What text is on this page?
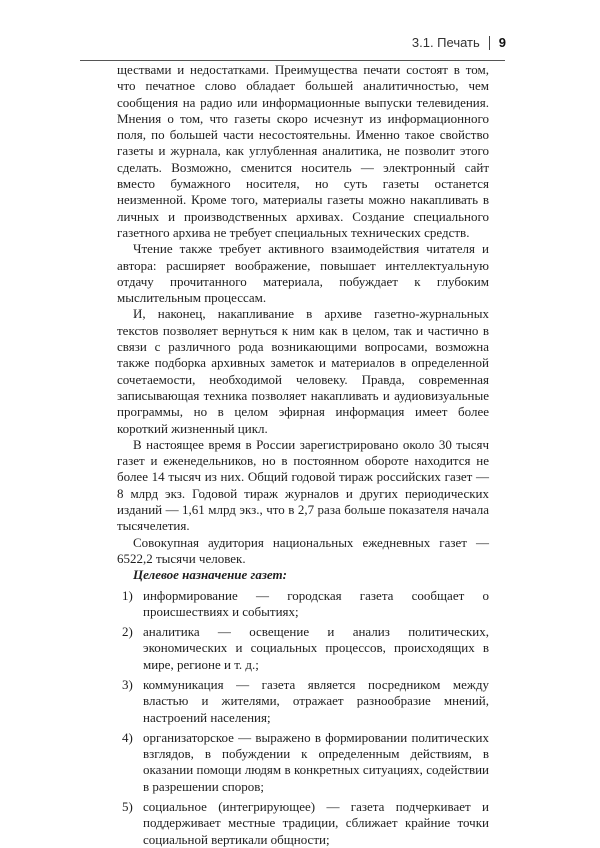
3.1. Печать 9

ществами и недостатками. Преимущества печати состоят в том, что печатное слово обладает большей аналитичностью, чем сообщения на радио или информационные выпуски телевидения. Мнения о том, что газеты скоро исчезнут из информационного поля, по большей части несостоятельны. Именно такое свойство газеты и журнала, как углубленная аналитика, не позволит этого сделать. Возможно, сменится носитель — электронный сайт вместо бумажного носителя, но суть газеты останется неизменной. Кроме того, материалы газеты можно накапливать в личных и производственных архивах. Создание специального газетного архива не требует специальных технических средств.

Чтение также требует активного взаимодействия читателя и автора: расширяет воображение, повышает интеллектуальную отдачу прочитанного материала, побуждает к глубоким мыслительным процессам.

И, наконец, накапливание в архиве газетно-журнальных текстов позволяет вернуться к ним как в целом, так и частично в связи с различного рода возникающими вопросами, возможна также подборка архивных заметок и материалов в определенной сочетаемости, необходимой человеку. Правда, современная записывающая техника позволяет накапливать и аудиовизуальные программы, но в целом эфирная информация имеет более короткий жизненный цикл.

В настоящее время в России зарегистрировано около 30 тысяч газет и еженедельников, но в постоянном обороте находится не более 14 тысяч из них. Общий годовой тираж российских газет — 8 млрд экз. Годовой тираж журналов и других периодических изданий — 1,61 млрд экз., что в 2,7 раза больше показателя начала тысячелетия.

Совокупная аудитория национальных ежедневных газет — 6522,2 тысячи человек.

Целевое назначение газет:

1) информирование — городская газета сообщает о происшествиях и событиях;
2) аналитика — освещение и анализ политических, экономических и социальных процессов, происходящих в мире, регионе и т. д.;
3) коммуникация — газета является посредником между властью и жителями, отражает разнообразие мнений, настроений населения;
4) организаторское — выражено в формировании политических взглядов, в побуждении к определенным действиям, в оказании помощи людям в конкретных ситуациях, содействии в разрешении споров;
5) социальное (интегрирующее) — газета подчеркивает и поддерживает местные традиции, сближает крайние точки социальной вертикали общности;
